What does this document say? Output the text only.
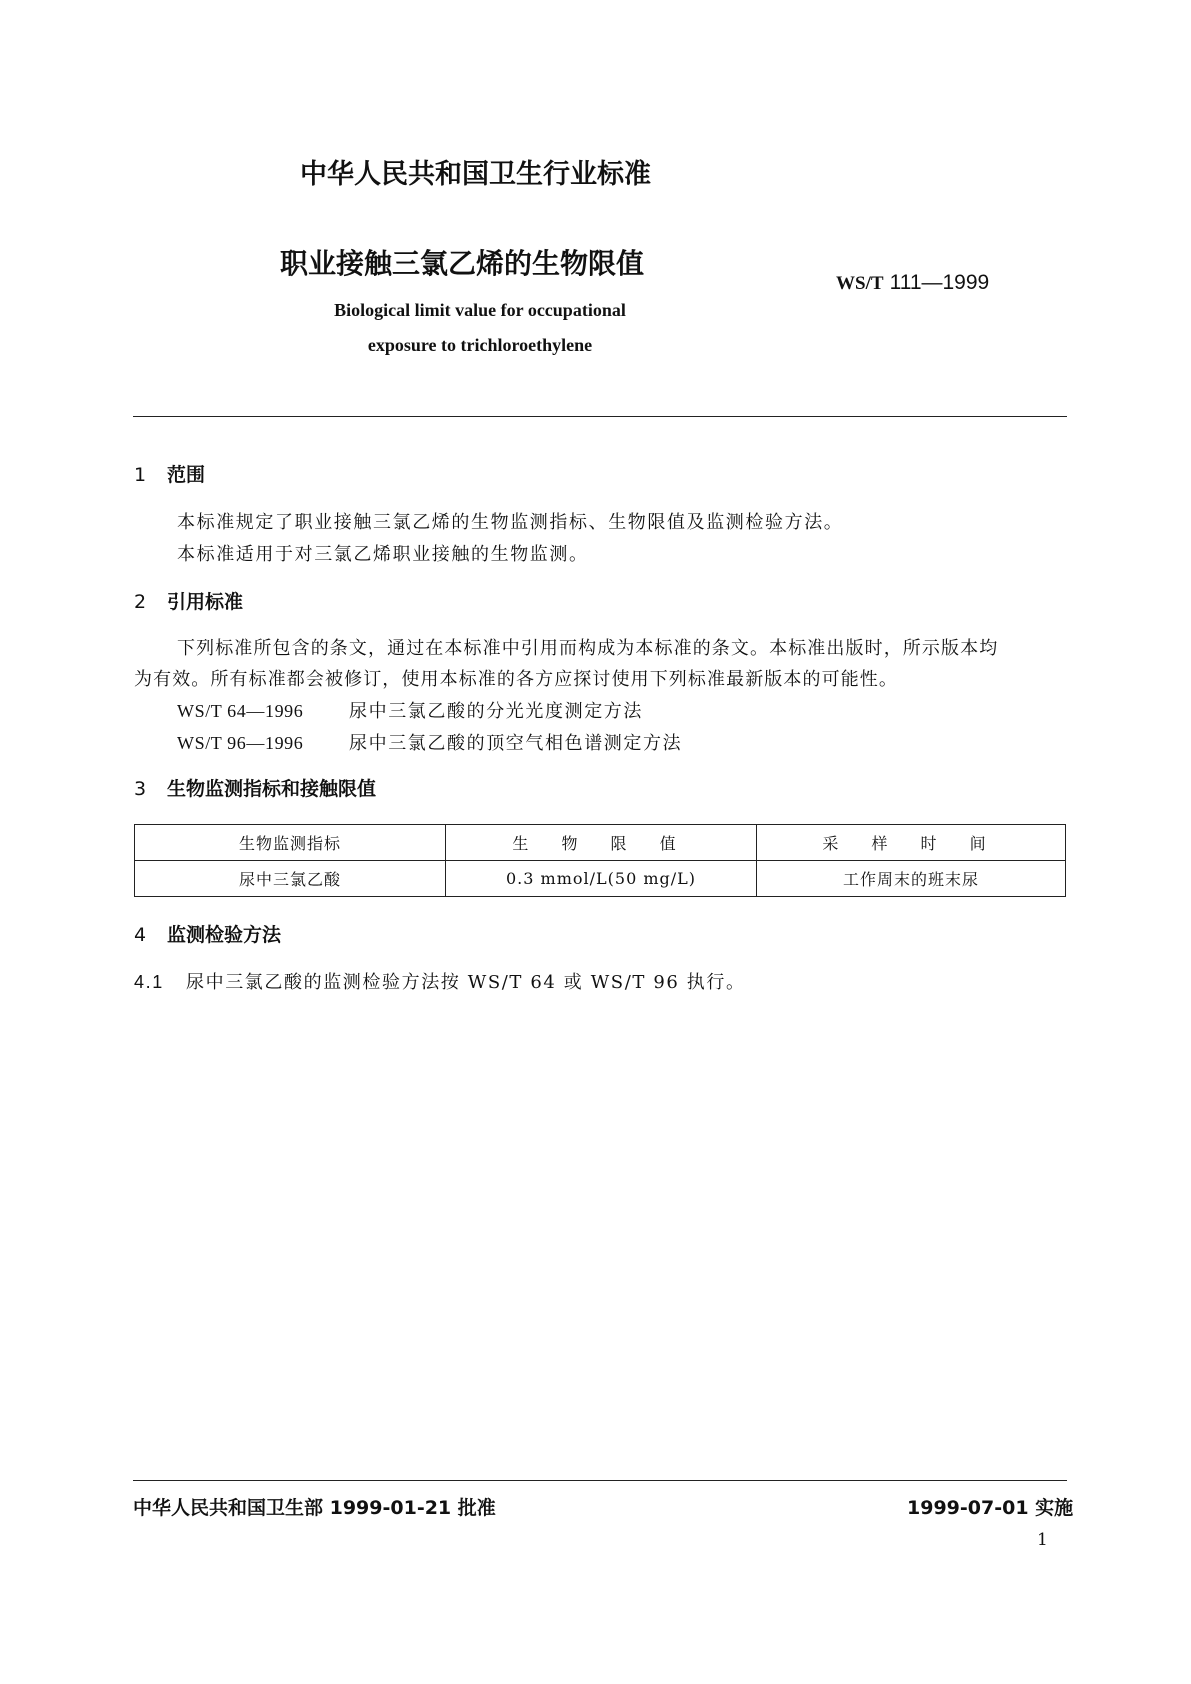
中华人民共和国卫生行业标准
职业接触三氯乙烯的生物限值
WS/T 111—1999
Biological limit value for occupational
exposure to trichloroethylene
1 范围
本标准规定了职业接触三氯乙烯的生物监测指标、生物限值及监测检验方法。
本标准适用于对三氯乙烯职业接触的生物监测。
2 引用标准
下列标准所包含的条文，通过在本标准中引用而构成为本标准的条文。本标准出版时，所示版本均
为有效。所有标准都会被修订，使用本标准的各方应探讨使用下列标准最新版本的可能性。
WS/T 64—1996	尿中三氯乙酸的分光光度测定方法
WS/T 96—1996	尿中三氯乙酸的顶空气相色谱测定方法
3 生物监测指标和接触限值
生物监测指标	生 物 限 值	采 样 时 间
尿中三氯乙酸	0.3 mmol/L(50 mg/L)	工作周末的班末尿
4 监测检验方法
4.1 尿中三氯乙酸的监测检验方法按 WS/T 64 或 WS/T 96 执行。
中华人民共和国卫生部 1999-01-21 批准	1999-07-01 实施
1
